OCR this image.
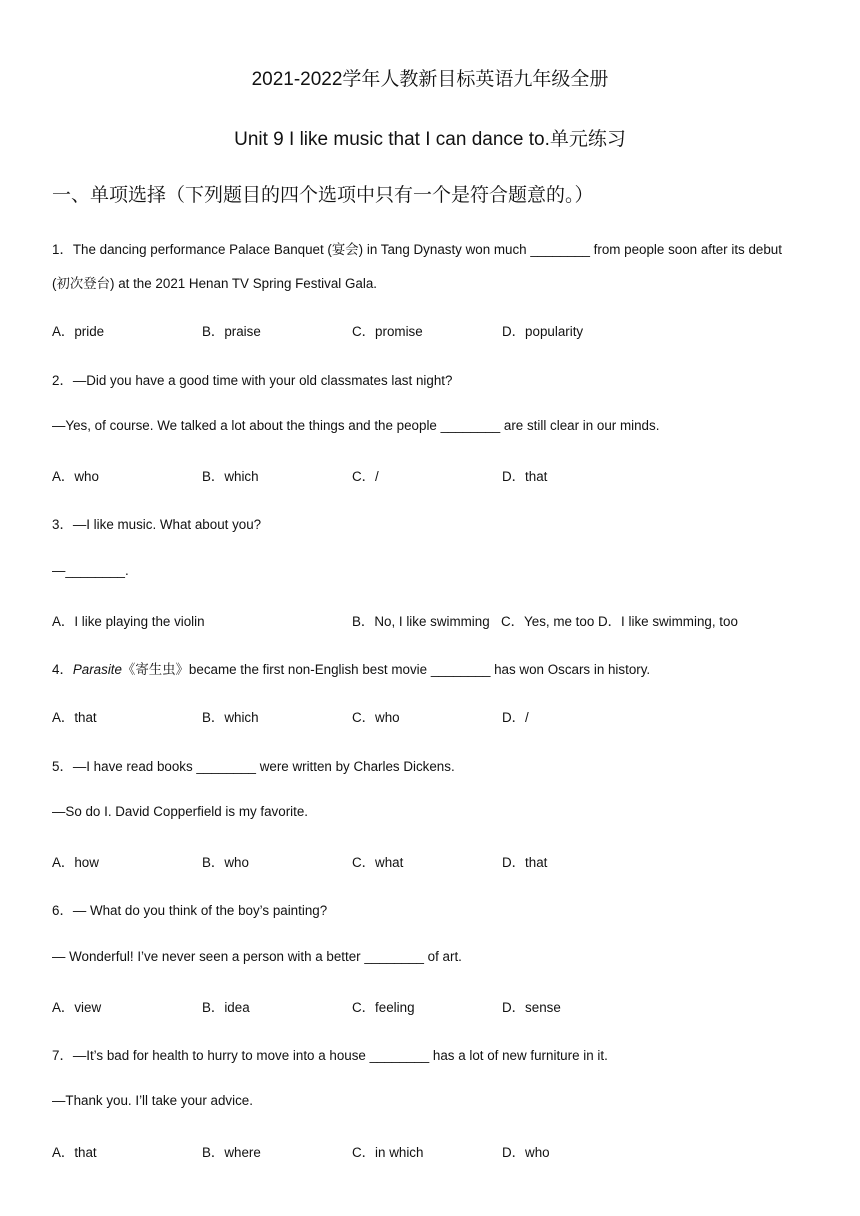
2021-2022学年人教新目标英语九年级全册
Unit 9 I like music that I can dance to.单元练习
一、单项选择（下列题目的四个选项中只有一个是符合题意的。）
1．The dancing performance Palace Banquet (宴会) in Tang Dynasty won much ________ from people soon after its debut
(初次登台) at the 2021 Henan TV Spring Festival Gala.
A．pride	B．praise	C．promise	D．popularity
2．—Did you have a good time with your old classmates last night?
—Yes, of course. We talked a lot about the things and the people ________ are still clear in our minds.
A．who	B．which	C．/	D．that
3．—I like music. What about you?
—________.
A．I like playing the violin	B．No, I like swimming C．Yes, me too D．I like swimming, too
4．Parasite《寄生虫》became the first non-English best movie ________ has won Oscars in history.
A．that	B．which	C．who	D．/
5．—I have read books ________ were written by Charles Dickens.
—So do I. David Copperfield is my favorite.
A．how	B．who	C．what	D．that
6．— What do you think of the boy’s painting?
— Wonderful! I’ve never seen a person with a better ________ of art.
A．view	B．idea	C．feeling	D．sense
7．—It’s bad for health to hurry to move into a house ________ has a lot of new furniture in it.
—Thank you. I’ll take your advice.
A．that	B．where	C．in which	D．who
